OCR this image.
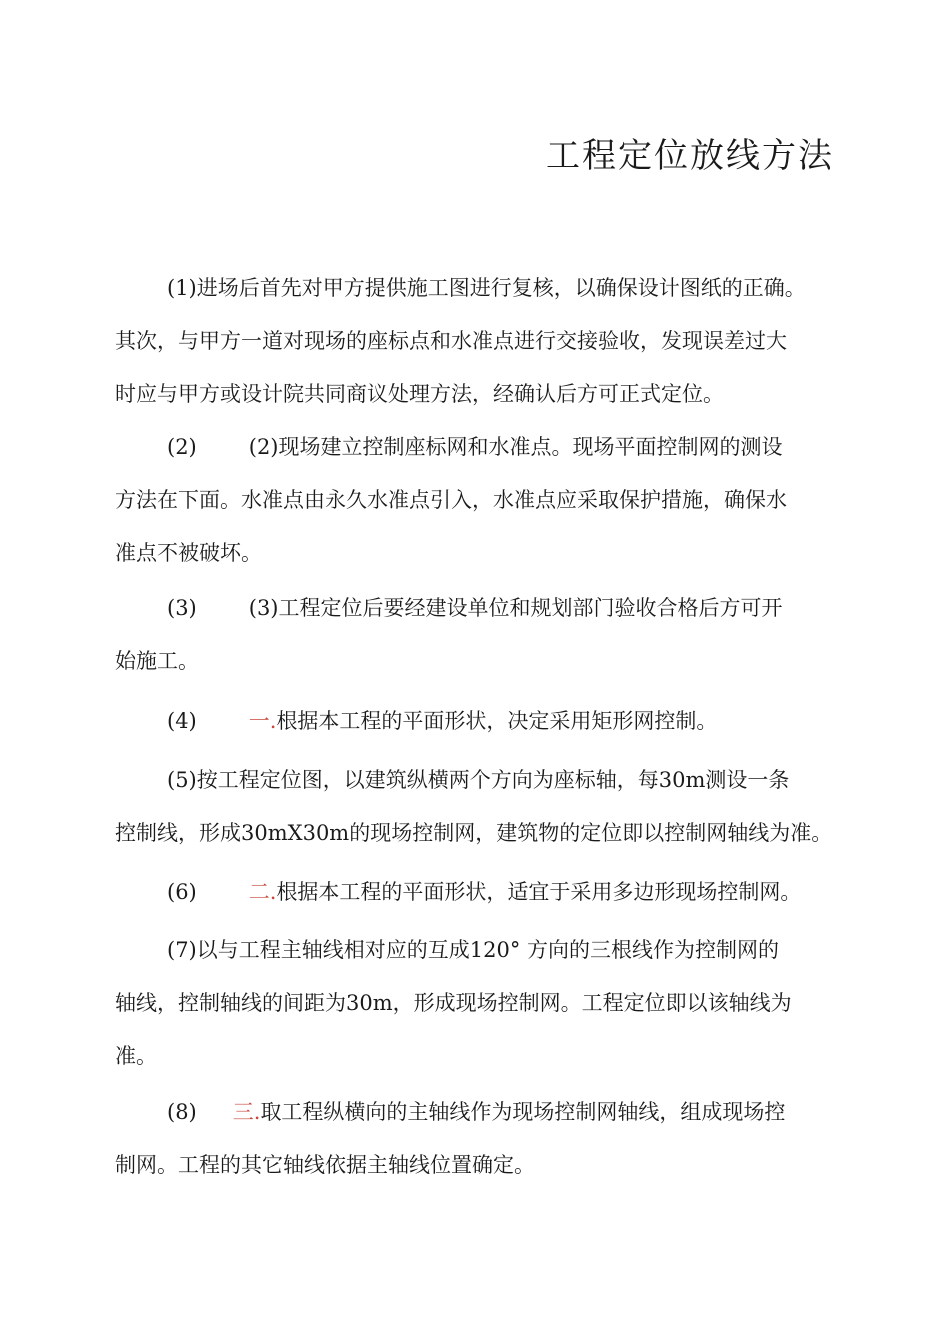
工程定位放线方法
(1)进场后首先对甲方提供施工图进行复核，以确保设计图纸的正确。
其次，与甲方一道对现场的座标点和水准点进行交接验收，发现误差过大
时应与甲方或设计院共同商议处理方法，经确认后方可正式定位。
(2) (2)现场建立控制座标网和水准点。现场平面控制网的测设
方法在下面。水准点由永久水准点引入，水准点应采取保护措施，确保水
准点不被破坏。
(3) (3)工程定位后要经建设单位和规划部门验收合格后方可开
始施工。
(4) 一.根据本工程的平面形状，决定采用矩形网控制。
(5)按工程定位图，以建筑纵横两个方向为座标轴，每30m测设一条
控制线，形成30mX30m的现场控制网，建筑物的定位即以控制网轴线为准。
(6) 二.根据本工程的平面形状，适宜于采用多边形现场控制网。
(7)以与工程主轴线相对应的互成120° 方向的三根线作为控制网的
轴线，控制轴线的间距为30m，形成现场控制网。工程定位即以该轴线为
准。
(8) 三.取工程纵横向的主轴线作为现场控制网轴线，组成现场控
制网。工程的其它轴线依据主轴线位置确定。
